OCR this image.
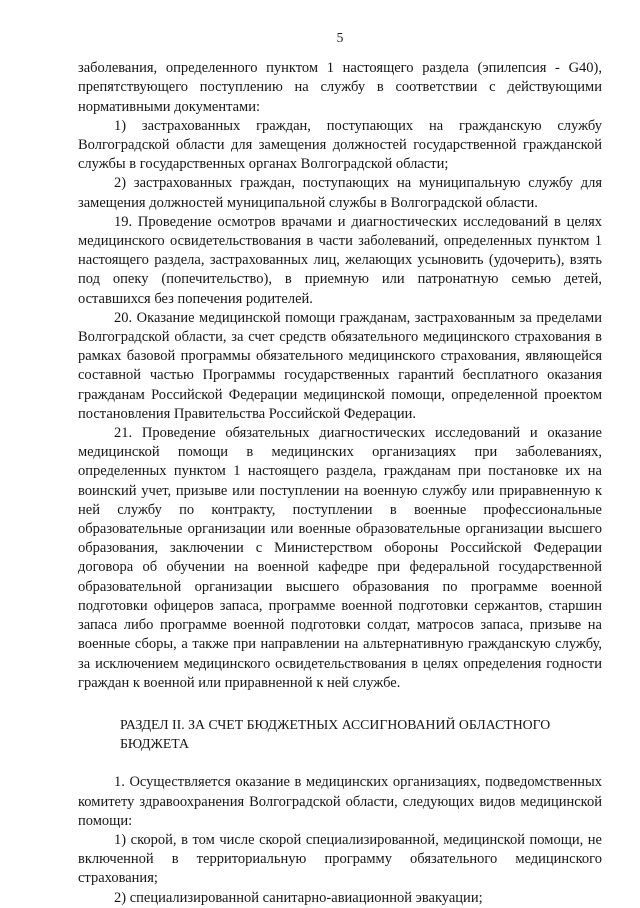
5

заболевания, определенного пунктом 1 настоящего раздела (эпилепсия - G40), препятствующего поступлению на службу в соответствии с действующими нормативными документами:

1) застрахованных граждан, поступающих на гражданскую службу Волгоградской области для замещения должностей государственной гражданской службы в государственных органах Волгоградской области;

2) застрахованных граждан, поступающих на муниципальную службу для замещения должностей муниципальной службы в Волгоградской области.

19. Проведение осмотров врачами и диагностических исследований в целях медицинского освидетельствования в части заболеваний, определенных пунктом 1 настоящего раздела, застрахованных лиц, желающих усыновить (удочерить), взять под опеку (попечительство), в приемную или патронатную семью детей, оставшихся без попечения родителей.

20. Оказание медицинской помощи гражданам, застрахованным за пределами Волгоградской области, за счет средств обязательного медицинского страхования в рамках базовой программы обязательного медицинского страхования, являющейся составной частью Программы государственных гарантий бесплатного оказания гражданам Российской Федерации медицинской помощи, определенной проектом постановления Правительства Российской Федерации.

21. Проведение обязательных диагностических исследований и оказание медицинской помощи в медицинских организациях при заболеваниях, определенных пунктом 1 настоящего раздела, гражданам при постановке их на воинский учет, призыве или поступлении на военную службу или приравненную к ней службу по контракту, поступлении в военные профессиональные образовательные организации или военные образовательные организации высшего образования, заключении с Министерством обороны Российской Федерации договора об обучении на военной кафедре при федеральной государственной образовательной организации высшего образования по программе военной подготовки офицеров запаса, программе военной подготовки сержантов, старшин запаса либо программе военной подготовки солдат, матросов запаса, призыве на военные сборы, а также при направлении на альтернативную гражданскую службу, за исключением медицинского освидетельствования в целях определения годности граждан к военной или приравненной к ней службе.

РАЗДЕЛ II. ЗА СЧЕТ БЮДЖЕТНЫХ АССИГНОВАНИЙ ОБЛАСТНОГО БЮДЖЕТА

1. Осуществляется оказание в медицинских организациях, подведомственных комитету здравоохранения Волгоградской области, следующих видов медицинской помощи:

1) скорой, в том числе скорой специализированной, медицинской помощи, не включенной в территориальную программу обязательного медицинского страхования;

2) специализированной санитарно-авиационной эвакуации;
